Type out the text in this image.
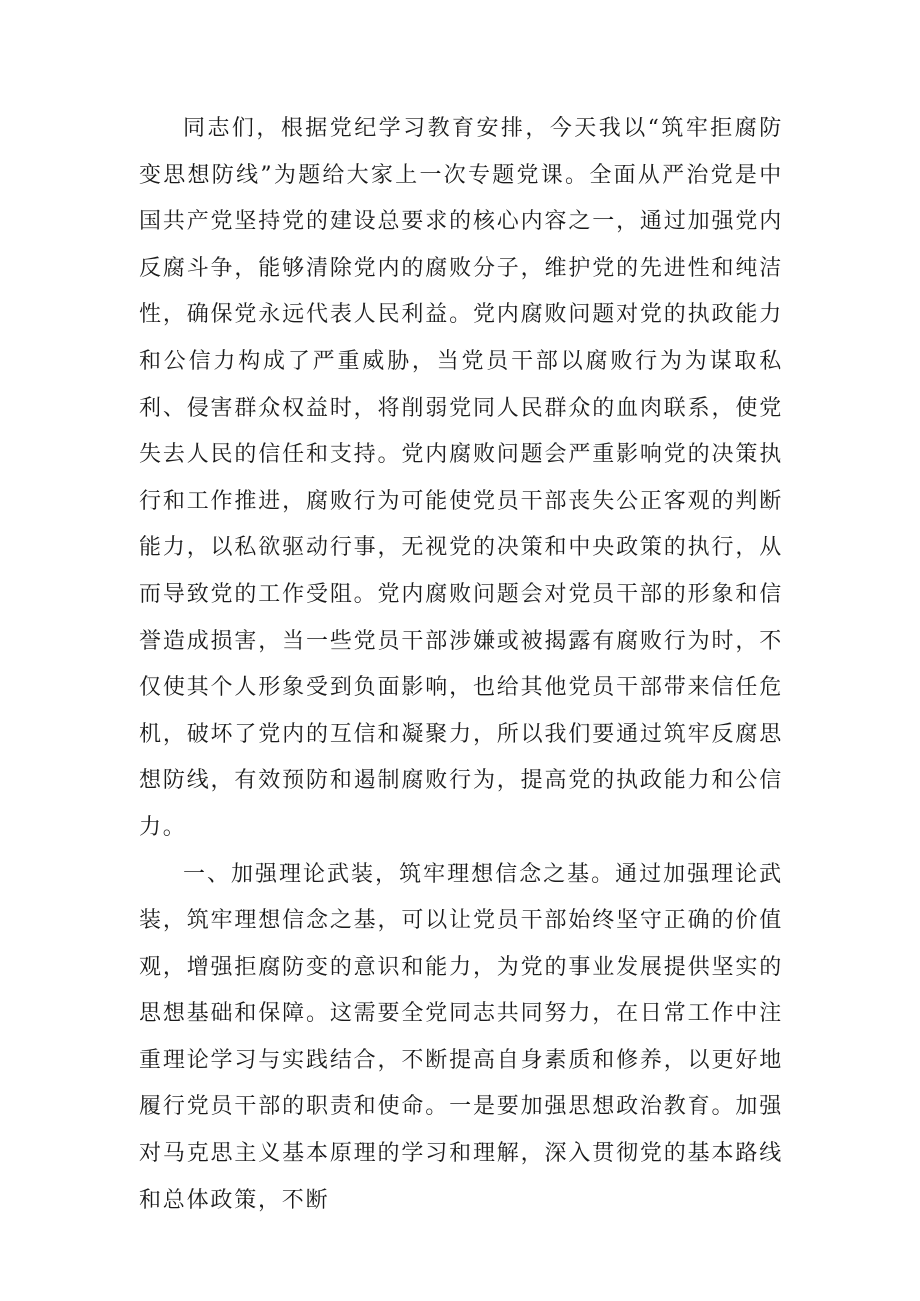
同志们，根据党纪学习教育安排，今天我以“筑牢拒腐防变思想防线”为题给大家上一次专题党课。全面从严治党是中国共产党坚持党的建设总要求的核心内容之一，通过加强党内反腐斗争，能够清除党内的腐败分子，维护党的先进性和纯洁性，确保党永远代表人民利益。党内腐败问题对党的执政能力和公信力构成了严重威胁，当党员干部以腐败行为为谋取私利、侵害群众权益时，将削弱党同人民群众的血肉联系，使党失去人民的信任和支持。党内腐败问题会严重影响党的决策执行和工作推进，腐败行为可能使党员干部丧失公正客观的判断能力，以私欲驱动行事，无视党的决策和中央政策的执行，从而导致党的工作受阻。党内腐败问题会对党员干部的形象和信誉造成损害，当一些党员干部涉嫌或被揭露有腐败行为时，不仅使其个人形象受到负面影响，也给其他党员干部带来信任危机，破坏了党内的互信和凝聚力，所以我们要通过筑牢反腐思想防线，有效预防和遏制腐败行为，提高党的执政能力和公信力。

一、加强理论武装，筑牢理想信念之基。通过加强理论武装，筑牢理想信念之基，可以让党员干部始终坚守正确的价值观，增强拒腐防变的意识和能力，为党的事业发展提供坚实的思想基础和保障。这需要全党同志共同努力，在日常工作中注重理论学习与实践结合，不断提高自身素质和修养，以更好地履行党员干部的职责和使命。一是要加强思想政治教育。加强对马克思主义基本原理的学习和理解，深入贯彻党的基本路线和总体政策，不断
